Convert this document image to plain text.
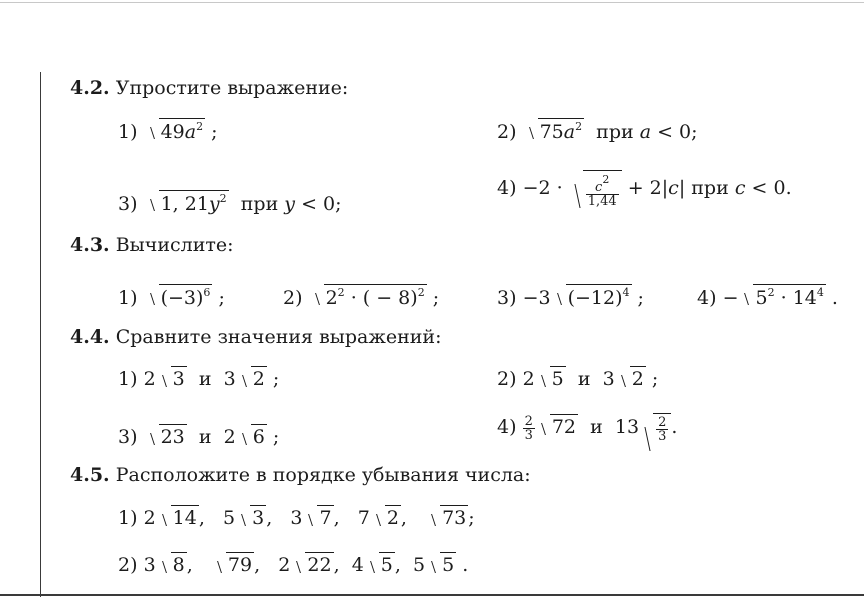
4.2. Упростите выражение:
1) $49a^2$ ;	2) $75a^2$ при a < 0;
3) 1, $21y^2$ при y < 0;
$4) -2 \cdot \frac{c^2}{1,44} + 2|c|$ при c < 0.
4.3. Вычислите:
1) $(-3)^6$ ;	2) $2^2$ · ( − 8)$^2$ ;	3) −3 $(-12)^4$ ;	$4) - 5^2 \cdot 14^4$ .
4.4. Сравните значения выражений:
1) 2 3 и 3 2 ;	2) 2 5 и 3 2 ;
3) 23 и 2 6 ;	$4) \frac{2}{3} 72$ и $13 \frac{2}{3}$ .
4.5. Расположите в порядке убывания числа:
1) 2 14 , 5 3 , 3 7 , 7 2 , 73 ;
2) 3 8 , 79 , 2 22 , 4 5 , 5 5 .
